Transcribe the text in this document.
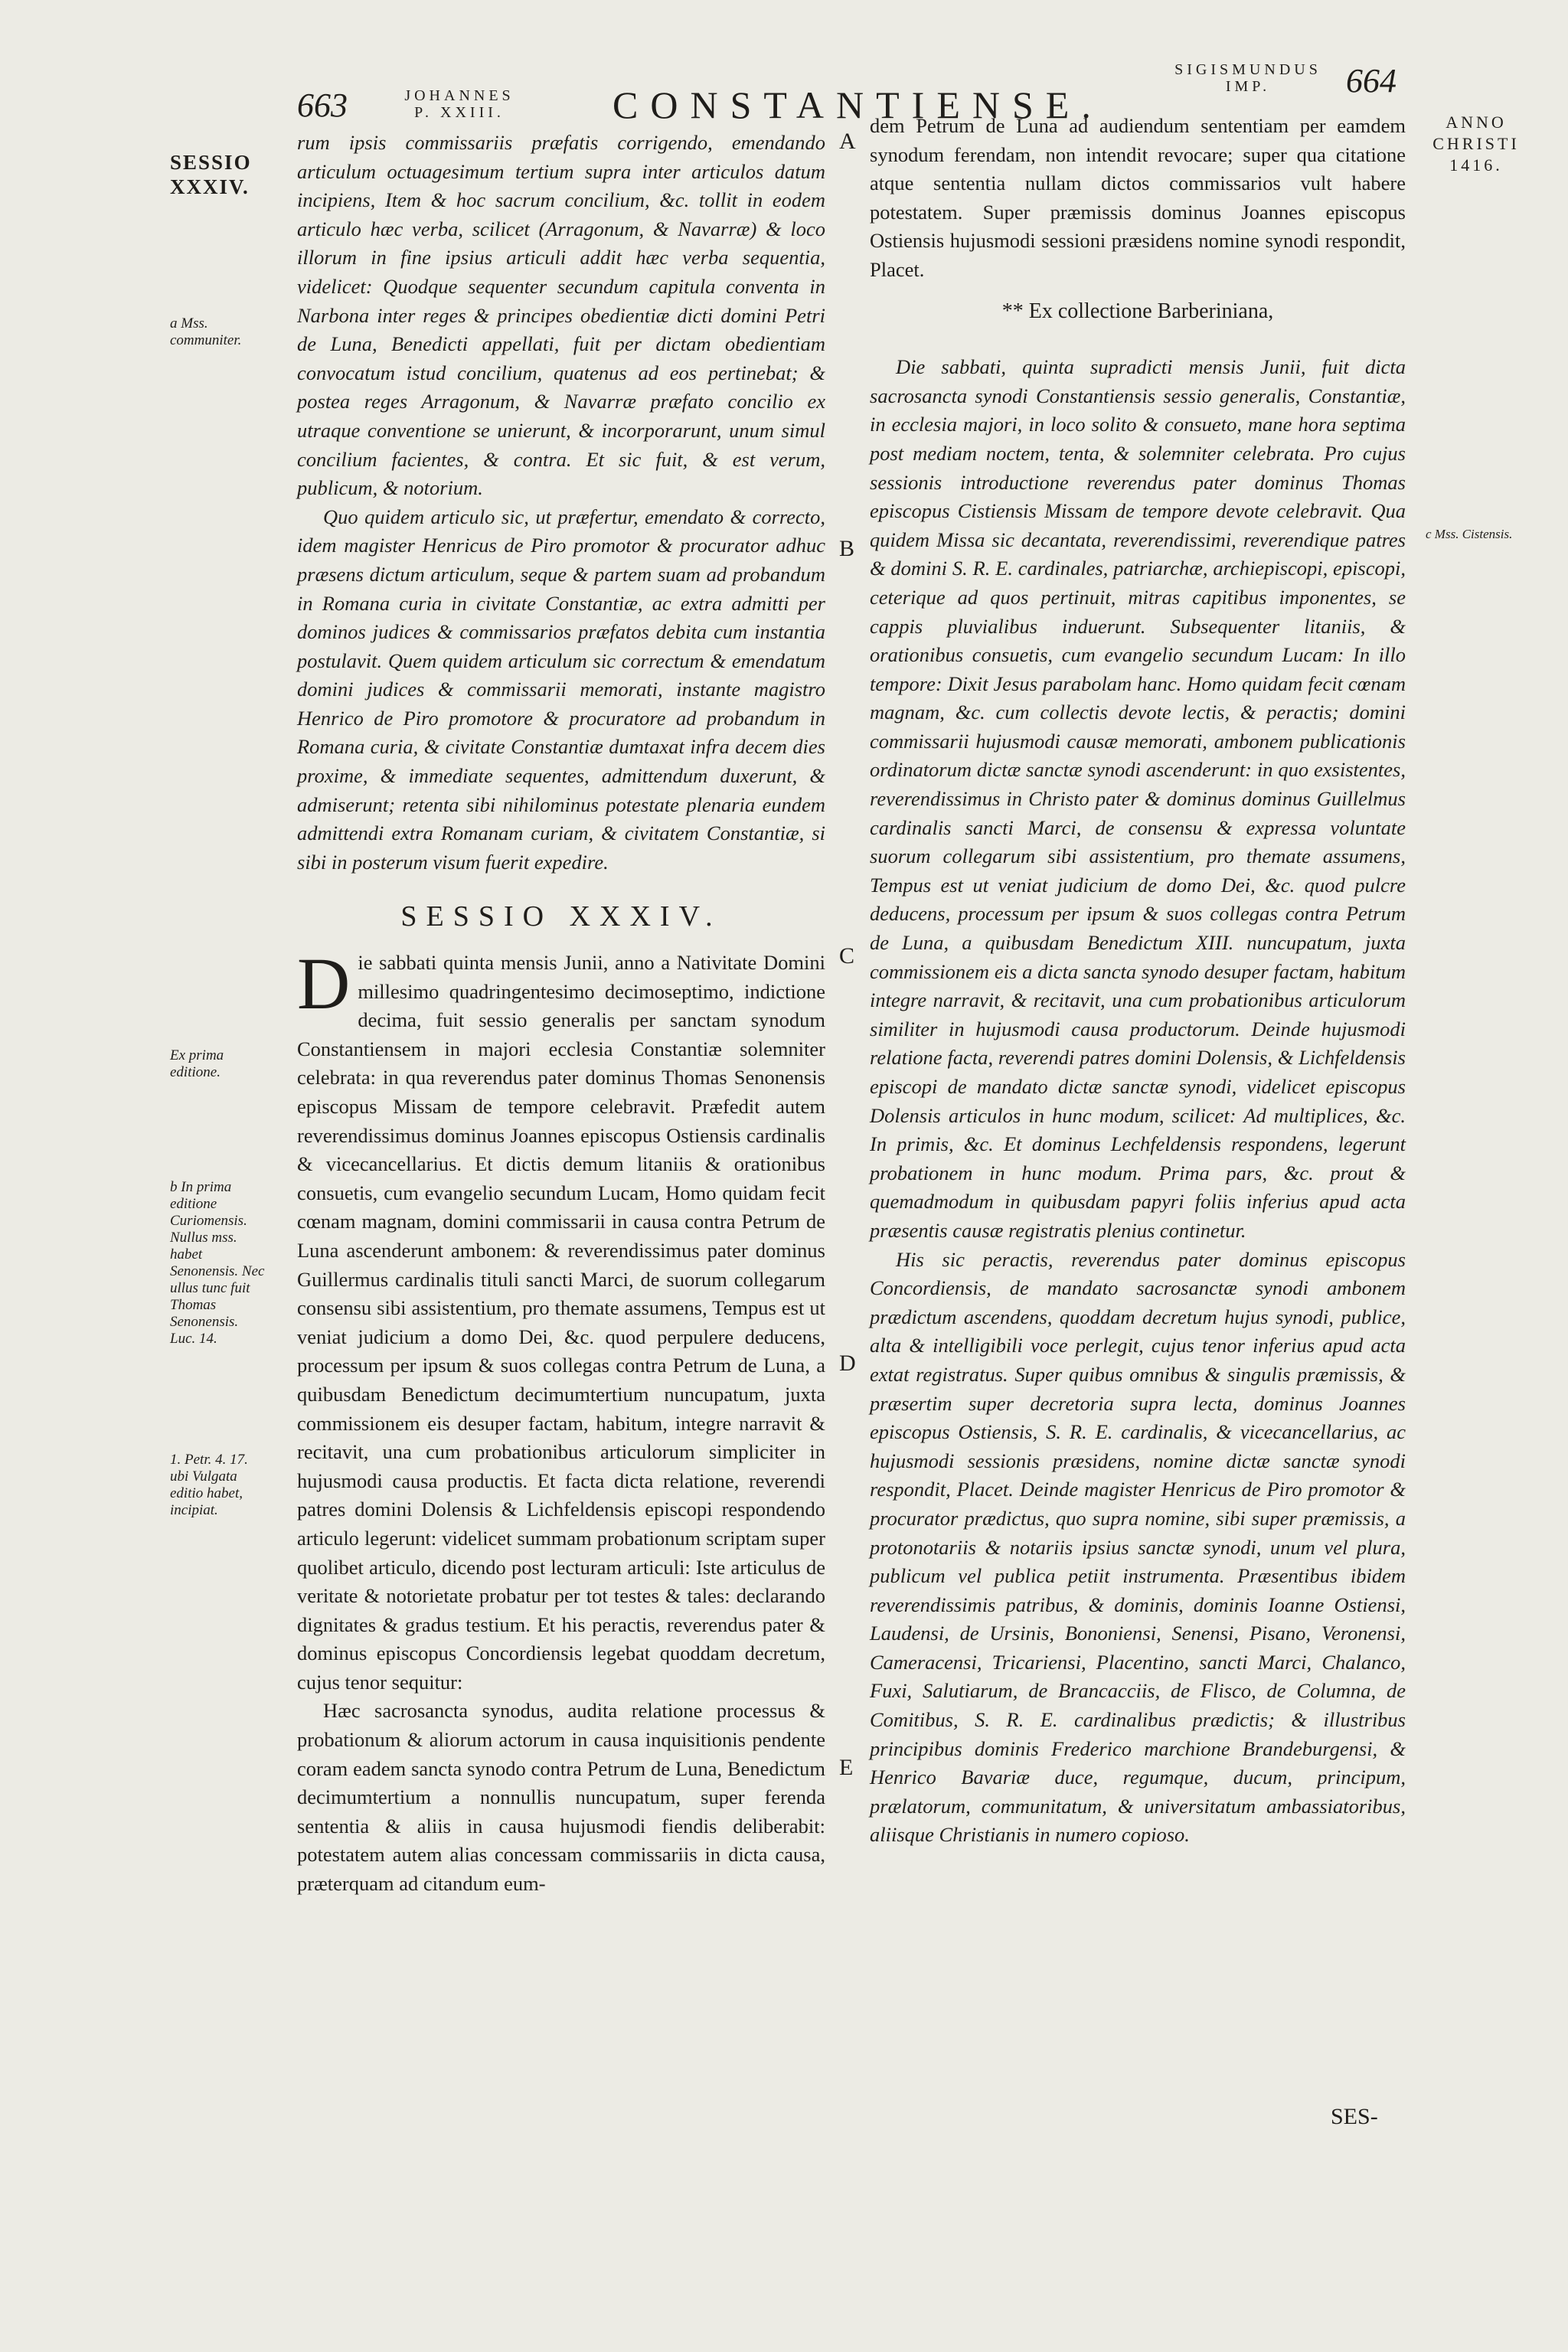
663	JOHANNES
P. XXIII.	CONSTANTIENSE.
SIGISMUNDUS
IMP.	664
SESSIO XXXIV.
a Mss. communiter.
Ex prima editione.
b In prima editione Curiomensis. Nullus mss. habet Senonensis. Nec ullus tunc fuit Thomas Senonensis. Luc. 14.
1. Petr. 4. 17. ubi Vulgata editio habet, incipiat.
ANNO CHRISTI 1416.
c Mss. Cistensis.
A
B
C
D
E

rum ipsis commissariis præfatis corrigendo, emendando articulum octuagesimum tertium supra inter articulos datum incipiens, Item & hoc sacrum concilium, &c. tollit in eodem articulo hæc verba, scilicet (Arragonum, & Navarræ) & loco illorum in fine ipsius articuli addit hæc verba sequentia, videlicet: Quodque sequenter secundum capitula conventa in Narbona inter reges & principes obedientiæ dicti domini Petri de Luna, Benedicti appellati, fuit per dictam obedientiam convocatum istud concilium, quatenus ad eos pertinebat; & postea reges Arragonum, & Navarræ præfato concilio ex utraque conventione se unierunt, & incorporarunt, unum simul concilium facientes, & contra. Et sic fuit, & est verum, publicum, & notorium.

Quo quidem articulo sic, ut præfertur, emendato & correcto, idem magister Henricus de Piro promotor & procurator adhuc præsens dictum articulum, seque & partem suam ad probandum in Romana curia in civitate Constantiæ, ac extra admitti per dominos judices & commissarios præfatos debita cum instantia postulavit. Quem quidem articulum sic correctum & emendatum domini judices & commissarii memorati, instante magistro Henrico de Piro promotore & procuratore ad probandum in Romana curia, & civitate Constantiæ dumtaxat infra decem dies proxime, & immediate sequentes, admittendum duxerunt, & admiserunt; retenta sibi nihilominus potestate plenaria eundem admittendi extra Romanam curiam, & civitatem Constantiæ, si sibi in posterum visum fuerit expedire.

SESSIO XXXIV.

Die sabbati quinta mensis Junii, anno a Nativitate Domini millesimo quadringentesimo decimoseptimo, indictione decima, fuit sessio generalis per sanctam synodum Constantiensem in majori ecclesia Constantiæ solemniter celebrata: in qua reverendus pater dominus Thomas Senonensis episcopus Missam de tempore celebravit. Præfedit autem reverendissimus dominus Joannes episcopus Ostiensis cardinalis & vicecancellarius. Et dictis demum litaniis & orationibus consuetis, cum evangelio secundum Lucam, Homo quidam fecit cœnam magnam, domini commissarii in causa contra Petrum de Luna ascenderunt ambonem: & reverendissimus pater dominus Guillermus cardinalis tituli sancti Marci, de suorum collegarum consensu sibi assistentium, pro themate assumens, Tempus est ut veniat judicium a domo Dei, &c. quod perpulere deducens, processum per ipsum & suos collegas contra Petrum de Luna, a quibusdam Benedictum decimumtertium nuncupatum, juxta commissionem eis desuper factam, habitum, integre narravit & recitavit, una cum probationibus articulorum simpliciter in hujusmodi causa productis. Et facta dicta relatione, reverendi patres domini Dolensis & Lichfeldensis episcopi respondendo articulo legerunt: videlicet summam probationum scriptam super quolibet articulo, dicendo post lecturam articuli: Iste articulus de veritate & notorietate probatur per tot testes & tales: declarando dignitates & gradus testium. Et his peractis, reverendus pater & dominus episcopus Concordiensis legebat quoddam decretum, cujus tenor sequitur:

Hæc sacrosancta synodus, audita relatione processus & probationum & aliorum actorum in causa inquisitionis pendente coram eadem sancta synodo contra Petrum de Luna, Benedictum decimumtertium a nonnullis nuncupatum, super ferenda sententia & aliis in causa hujusmodi fiendis deliberabit: potestatem autem alias concessam commissariis in dicta causa, præterquam ad citandum eum-

dem Petrum de Luna ad audiendum sententiam per eamdem synodum ferendam, non intendit revocare; super qua citatione atque sententia nullam dictos commissarios vult habere potestatem. Super præmissis dominus Joannes episcopus Ostiensis hujusmodi sessioni præsidens nomine synodi respondit, Placet.

** Ex collectione Barberiniana,

Die sabbati, quinta supradicti mensis Junii, fuit dicta sacrosancta synodi Constantiensis sessio generalis, Constantiæ, in ecclesia majori, in loco solito & consueto, mane hora septima post mediam noctem, tenta, & solemniter celebrata. Pro cujus sessionis introductione reverendus pater dominus Thomas episcopus Cistiensis Missam de tempore devote celebravit. Qua quidem Missa sic decantata, reverendissimi, reverendique patres & domini S. R. E. cardinales, patriarchæ, archiepiscopi, episcopi, ceterique ad quos pertinuit, mitras capitibus imponentes, se cappis pluvialibus induerunt. Subsequenter litaniis, & orationibus consuetis, cum evangelio secundum Lucam: In illo tempore: Dixit Jesus parabolam hanc. Homo quidam fecit cœnam magnam, &c. cum collectis devote lectis, & peractis; domini commissarii hujusmodi causæ memorati, ambonem publicationis ordinatorum dictæ sanctæ synodi ascenderunt: in quo exsistentes, reverendissimus in Christo pater & dominus dominus Guillelmus cardinalis sancti Marci, de consensu & expressa voluntate suorum collegarum sibi assistentium, pro themate assumens, Tempus est ut veniat judicium de domo Dei, &c. quod pulcre deducens, processum per ipsum & suos collegas contra Petrum de Luna, a quibusdam Benedictum XIII. nuncupatum, juxta commissionem eis a dicta sancta synodo desuper factam, habitum integre narravit, & recitavit, una cum probationibus articulorum similiter in hujusmodi causa productorum. Deinde hujusmodi relatione facta, reverendi patres domini Dolensis, & Lichfeldensis episcopi de mandato dictæ sanctæ synodi, videlicet episcopus Dolensis articulos in hunc modum, scilicet: Ad multiplices, &c. In primis, &c. Et dominus Lechfeldensis respondens, legerunt probationem in hunc modum. Prima pars, &c. prout & quemadmodum in quibusdam papyri foliis inferius apud acta præsentis causæ registratis plenius continetur.

His sic peractis, reverendus pater dominus episcopus Concordiensis, de mandato sacrosanctæ synodi ambonem prædictum ascendens, quoddam decretum hujus synodi, publice, alta & intelligibili voce perlegit, cujus tenor inferius apud acta extat registratus. Super quibus omnibus & singulis præmissis, & præsertim super decretoria supra lecta, dominus Joannes episcopus Ostiensis, S. R. E. cardinalis, & vicecancellarius, ac hujusmodi sessionis præsidens, nomine dictæ sanctæ synodi respondit, Placet. Deinde magister Henricus de Piro promotor & procurator prædictus, quo supra nomine, sibi super præmissis, a protonotariis & notariis ipsius sanctæ synodi, unum vel plura, publicum vel publica petiit instrumenta. Præsentibus ibidem reverendissimis patribus, & dominis, dominis Ioanne Ostiensi, Laudensi, de Ursinis, Bononiensi, Senensi, Pisano, Veronensi, Cameracensi, Tricariensi, Placentino, sancti Marci, Chalanco, Fuxi, Salutiarum, de Brancacciis, de Flisco, de Columna, de Comitibus, S. R. E. cardinalibus prædictis; & illustribus principibus dominis Frederico marchione Brandeburgensi, & Henrico Bavariæ duce, regumque, ducum, principum, prælatorum, communitatum, & universitatum ambassiatoribus, aliisque Christianis in numero copioso.

SES-
